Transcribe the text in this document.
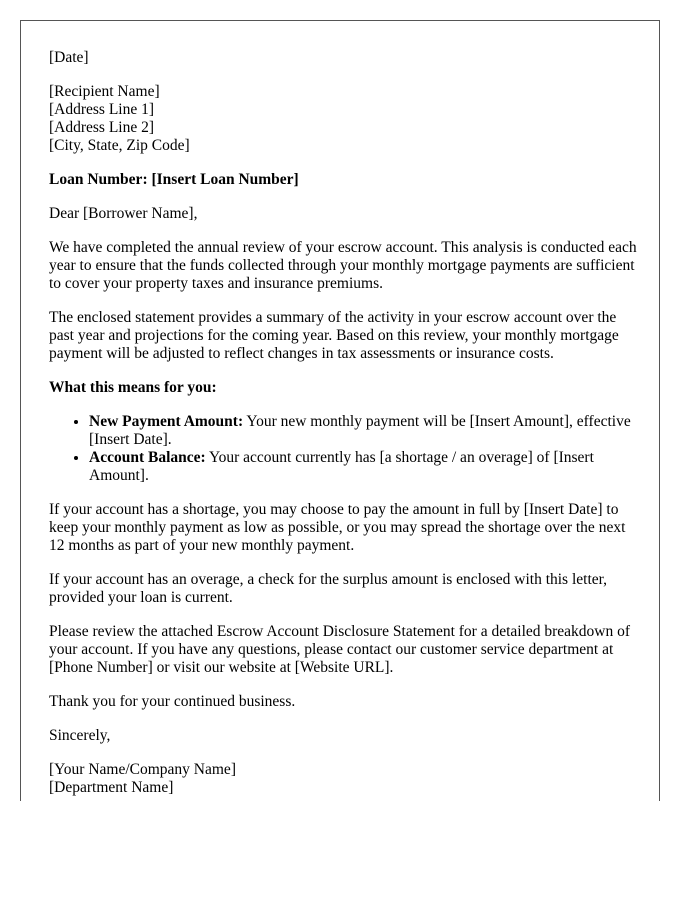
[Date]

[Recipient Name]
[Address Line 1]
[Address Line 2]
[City, State, Zip Code]

Loan Number: [Insert Loan Number]

Dear [Borrower Name],

We have completed the annual review of your escrow account. This analysis is conducted each year to ensure that the funds collected through your monthly mortgage payments are sufficient to cover your property taxes and insurance premiums.

The enclosed statement provides a summary of the activity in your escrow account over the past year and projections for the coming year. Based on this review, your monthly mortgage payment will be adjusted to reflect changes in tax assessments or insurance costs.

What this means for you:

• New Payment Amount: Your new monthly payment will be [Insert Amount], effective [Insert Date].
• Account Balance: Your account currently has [a shortage / an overage] of [Insert Amount].

If your account has a shortage, you may choose to pay the amount in full by [Insert Date] to keep your monthly payment as low as possible, or you may spread the shortage over the next 12 months as part of your new monthly payment.

If your account has an overage, a check for the surplus amount is enclosed with this letter, provided your loan is current.

Please review the attached Escrow Account Disclosure Statement for a detailed breakdown of your account. If you have any questions, please contact our customer service department at [Phone Number] or visit our website at [Website URL].

Thank you for your continued business.

Sincerely,

[Your Name/Company Name]
[Department Name]
